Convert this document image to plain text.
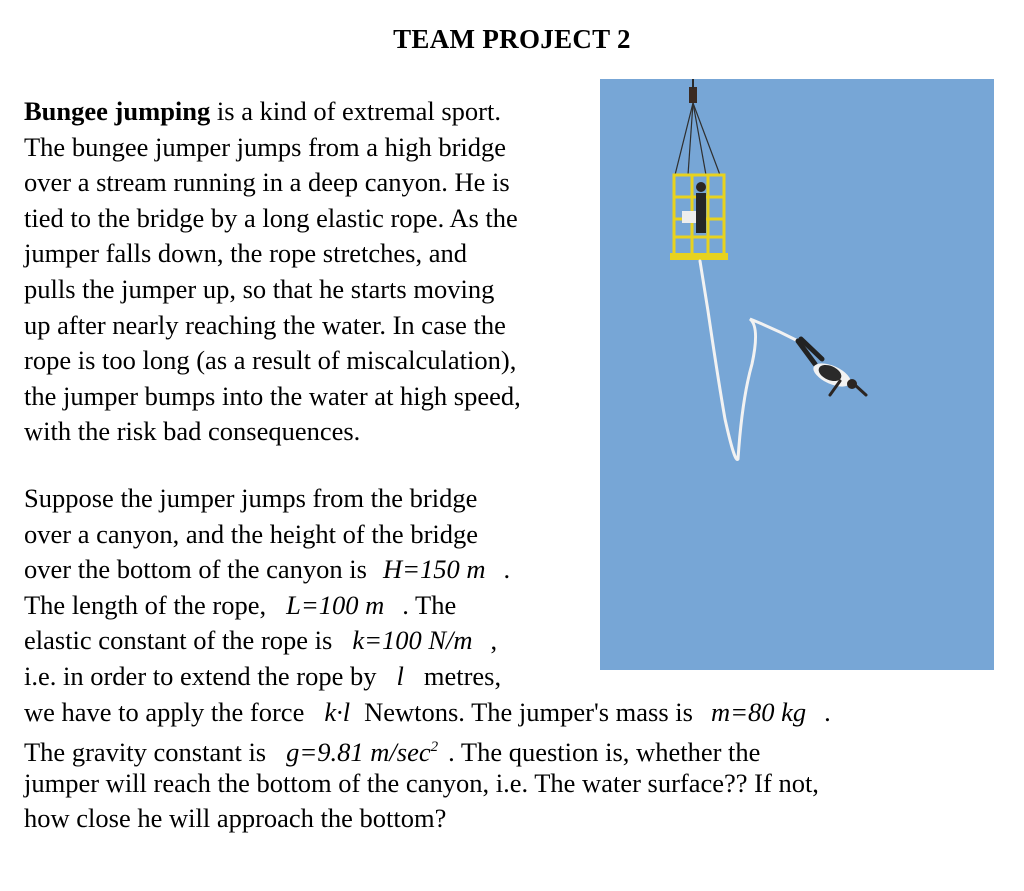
TEAM PROJECT 2

Bungee jumping is a kind of extremal sport.
The bungee jumper jumps from a high bridge
over a stream running in a deep canyon. He is
tied to the bridge by a long elastic rope. As the
jumper falls down, the rope stretches, and
pulls the jumper up, so that he starts moving
up after nearly reaching the water. In case the
rope is too long (as a result of miscalculation),
the jumper bumps into the water at high speed,
with the risk bad consequences.

Suppose the jumper jumps from the bridge
over a canyon, and the height of the bridge
over the bottom of the canyon is H=150 m .
The length of the rope, L=100 m . The
elastic constant of the rope is k=100 N/m ,
i.e. in order to extend the rope by l metres,
we have to apply the force k·l Newtons. The jumper's mass is m=80 kg .
The gravity constant is g=9.81 $m/\sec^2$ . The question is, whether the
jumper will reach the bottom of the canyon, i.e. The water surface?? If not,
how close he will approach the bottom?
